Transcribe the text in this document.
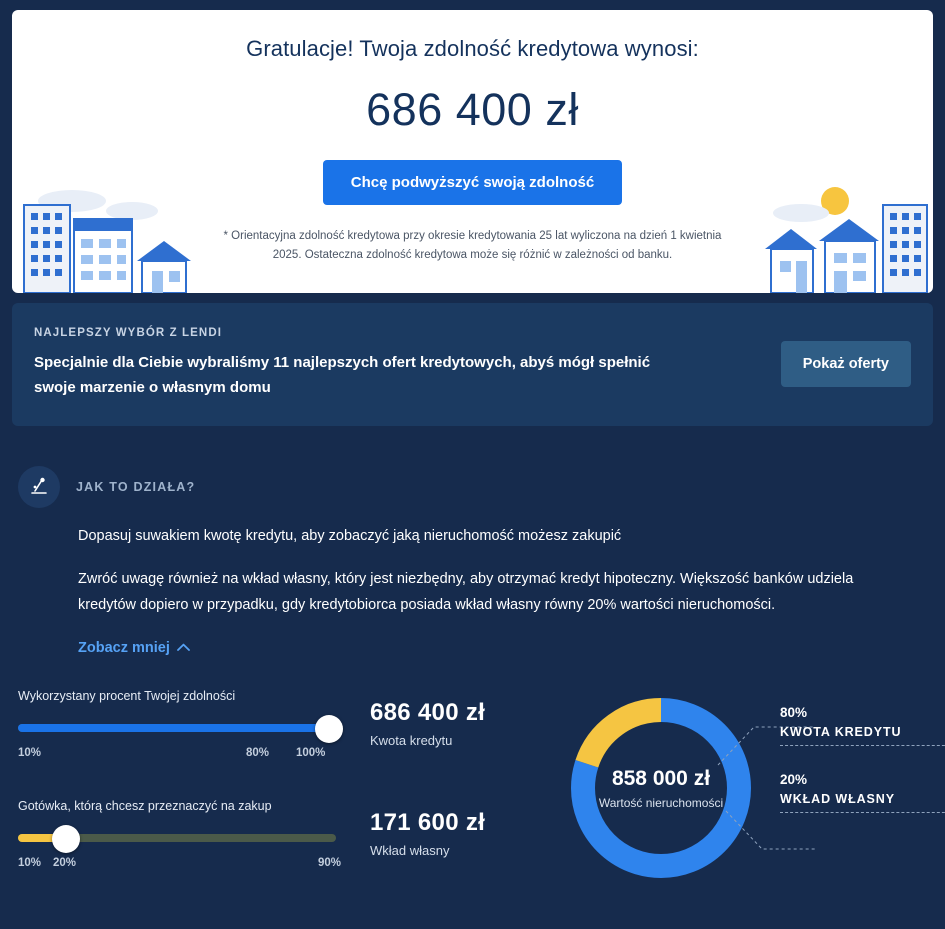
Gratulacje! Twoja zdolność kredytowa wynosi:
686 400 zł
Chcę podwyższyć swoją zdolność
* Orientacyjna zdolność kredytowa przy okresie kredytowania 25 lat wyliczona na dzień 1 kwietnia 2025. Ostateczna zdolność kredytowa może się różnić w zależności od banku.
NAJLEPSZY WYBÓR Z LENDI
Specjalnie dla Ciebie wybraliśmy 11 najlepszych ofert kredytowych, abyś mógł spełnić swoje marzenie o własnym domu
Pokaż oferty
JAK TO DZIAŁA?

Dopasuj suwakiem kwotę kredytu, aby zobaczyć jaką nieruchomość możesz zakupić

Zwróć uwagę również na wkład własny, który jest niezbędny, aby otrzymać kredyt hipoteczny. Większość banków udziela kredytów dopiero w przypadku, gdy kredytobiorca posiada wkład własny równy 20% wartości nieruchomości.

Zobacz mniej
Wykorzystany procent Twojej zdolności
10%	80% 100%
686 400 zł
Kwota kredytu
Gotówka, którą chcesz przeznaczyć na zakup
10% 20%	90%
171 600 zł
Wkład własny
858 000 zł
Wartość nieruchomości
80%
KWOTA KREDYTU
20%
WKŁAD WŁASNY
